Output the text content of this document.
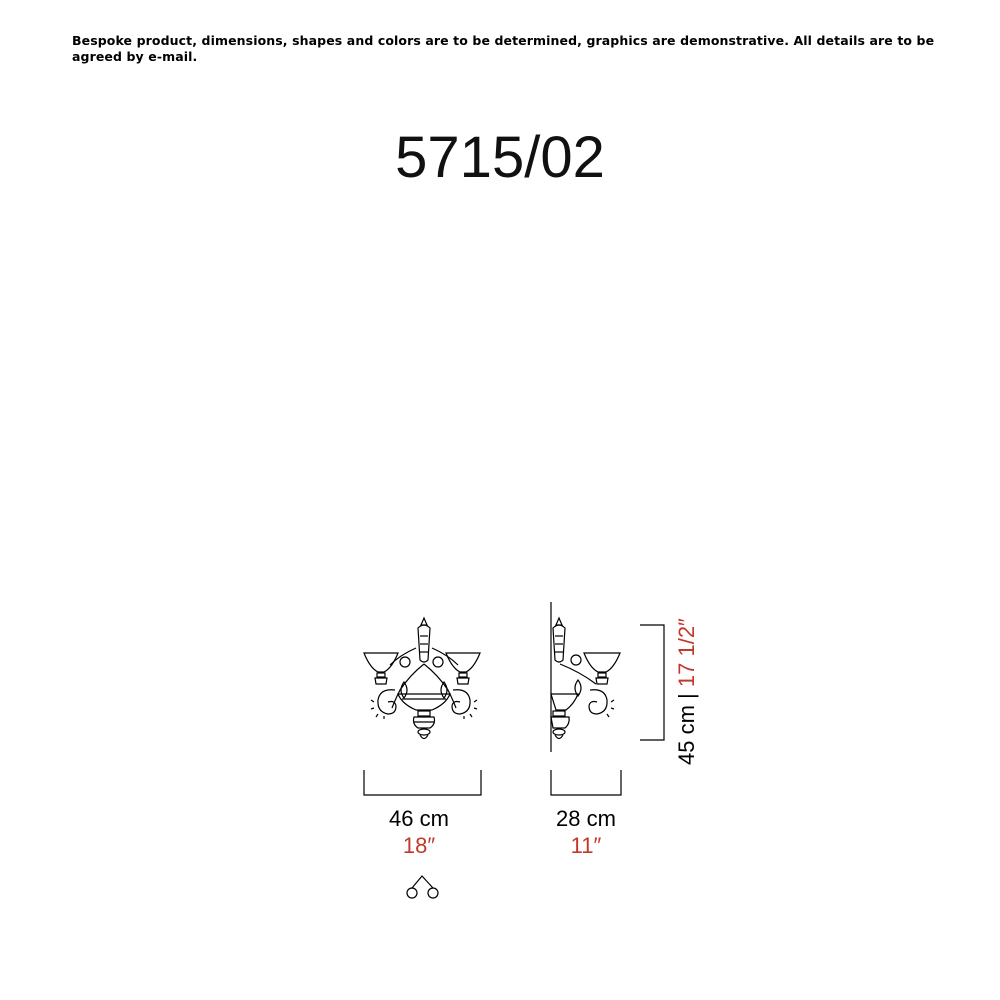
Bespoke product, dimensions, shapes and colors are to be determined, graphics are demonstrative. All details are to be agreed by e-mail.
5715/02
46 cm
18″
28 cm
11″
45 cm | 17 1/2″
